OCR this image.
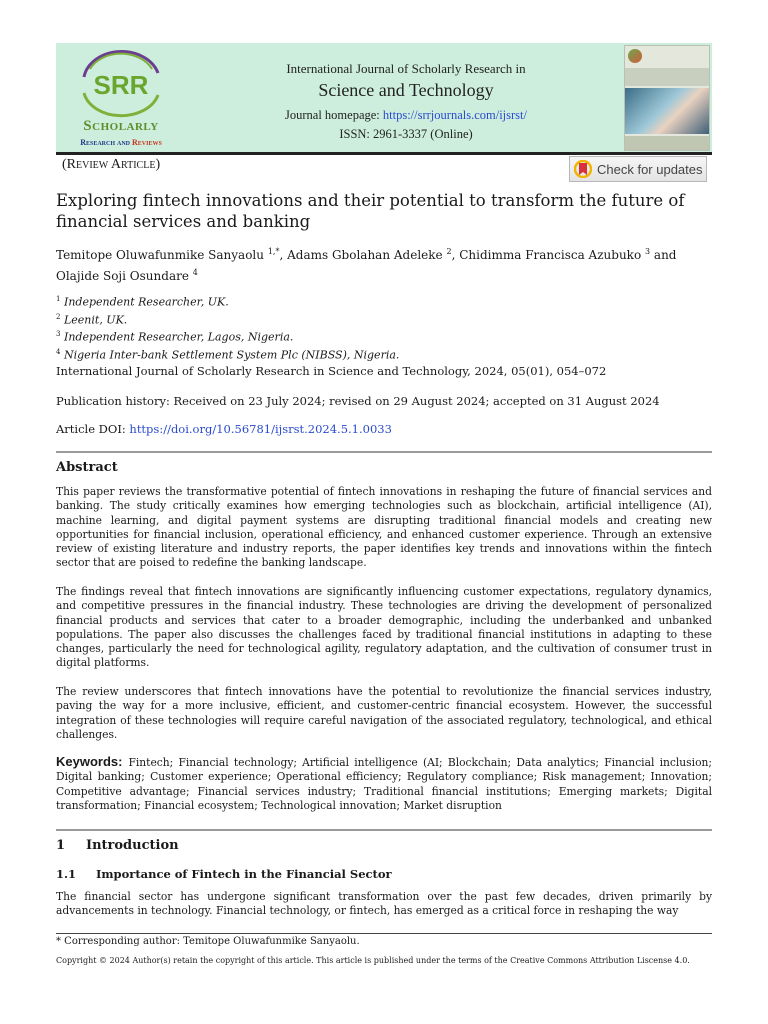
SRR
Scholarly
Research and Reviews
International Journal of Scholarly Research in
Science and Technology
Journal homepage: https://srrjournals.com/ijsrst/
ISSN: 2961-3337 (Online)
(Review Article)	Check for updates
Exploring fintech innovations and their potential to transform the future of financial services and banking
Temitope Oluwafunmike Sanyaolu $^{1,*}$, Adams Gbolahan Adeleke $^2$, Chidimma Francisca Azubuko $^3$ and
Olajide Soji Osundare $^4$
$^1$ Independent Researcher, UK.
$^2$ Leenit, UK.
$^3$ Independent Researcher, Lagos, Nigeria.
$^4$ Nigeria Inter-bank Settlement System Plc (NIBSS), Nigeria.
International Journal of Scholarly Research in Science and Technology, 2024, 05(01), 054–072
Publication history: Received on 23 July 2024; revised on 29 August 2024; accepted on 31 August 2024
Article DOI: https://doi.org/10.56781/ijsrst.2024.5.1.0033
Abstract
This paper reviews the transformative potential of fintech innovations in reshaping the future of financial services and banking. The study critically examines how emerging technologies such as blockchain, artificial intelligence (AI), machine learning, and digital payment systems are disrupting traditional financial models and creating new opportunities for financial inclusion, operational efficiency, and enhanced customer experience. Through an extensive review of existing literature and industry reports, the paper identifies key trends and innovations within the fintech sector that are poised to redefine the banking landscape.
The findings reveal that fintech innovations are significantly influencing customer expectations, regulatory dynamics, and competitive pressures in the financial industry. These technologies are driving the development of personalized financial products and services that cater to a broader demographic, including the underbanked and unbanked populations. The paper also discusses the challenges faced by traditional financial institutions in adapting to these changes, particularly the need for technological agility, regulatory adaptation, and the cultivation of consumer trust in digital platforms.
The review underscores that fintech innovations have the potential to revolutionize the financial services industry, paving the way for a more inclusive, efficient, and customer-centric financial ecosystem. However, the successful integration of these technologies will require careful navigation of the associated regulatory, technological, and ethical challenges.
Keywords: Fintech; Financial technology; Artificial intelligence (AI; Blockchain; Data analytics; Financial inclusion; Digital banking; Customer experience; Operational efficiency; Regulatory compliance; Risk management; Innovation; Competitive advantage; Financial services industry; Traditional financial institutions; Emerging markets; Digital transformation; Financial ecosystem; Technological innovation; Market disruption
1 Introduction
1.1 Importance of Fintech in the Financial Sector
The financial sector has undergone significant transformation over the past few decades, driven primarily by advancements in technology. Financial technology, or fintech, has emerged as a critical force in reshaping the way
* Corresponding author: Temitope Oluwafunmike Sanyaolu.
Copyright © 2024 Author(s) retain the copyright of this article. This article is published under the terms of the Creative Commons Attribution Liscense 4.0.
